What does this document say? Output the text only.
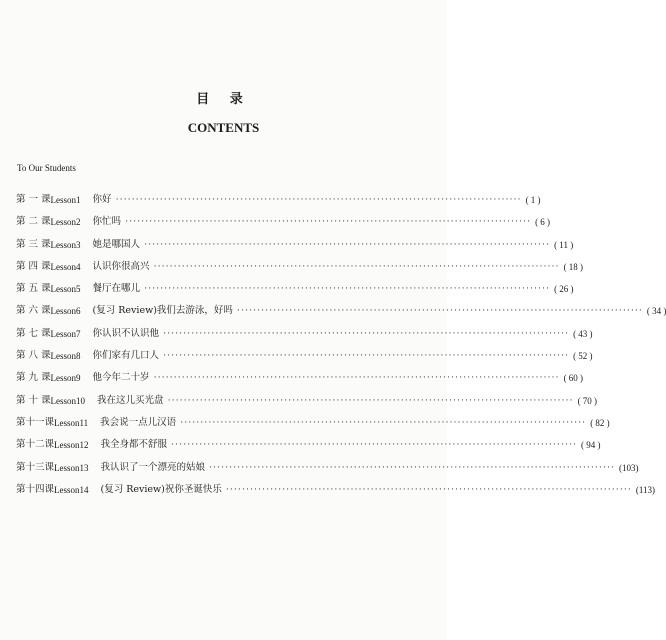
目 录
CONTENTS
To Our Students
第 一 课 Lesson 1 你好 ····································································································· ( 1 )
第 二 课 Lesson 2 你忙吗 ····································································································· ( 6 )
第 三 课 Lesson 3 她是哪国人 ····································································································· ( 11 )
第 四 课 Lesson 4 认识你很高兴 ····································································································· ( 18 )
第 五 课 Lesson 5 餐厅在哪儿 ····································································································· ( 26 )
第 六 课 Lesson 6 (复习 Review)我们去游泳，好吗 ····································································································· ( 34 )
第 七 课 Lesson 7 你认识不认识他 ····································································································· ( 43 )
第 八 课 Lesson 8 你们家有几口人 ····································································································· ( 52 )
第 九 课 Lesson 9 他今年二十岁 ····································································································· ( 60 )
第 十 课 Lesson 10 我在这儿买光盘 ····································································································· ( 70 )
第十一课 Lesson 11 我会说一点儿汉语 ····································································································· ( 82 )
第十二课 Lesson 12 我全身都不舒服 ····································································································· ( 94 )
第十三课 Lesson 13 我认识了一个漂亮的姑娘 ····································································································· (103)
第十四课 Lesson 14 (复习 Review)祝你圣诞快乐 ····································································································· (113)
